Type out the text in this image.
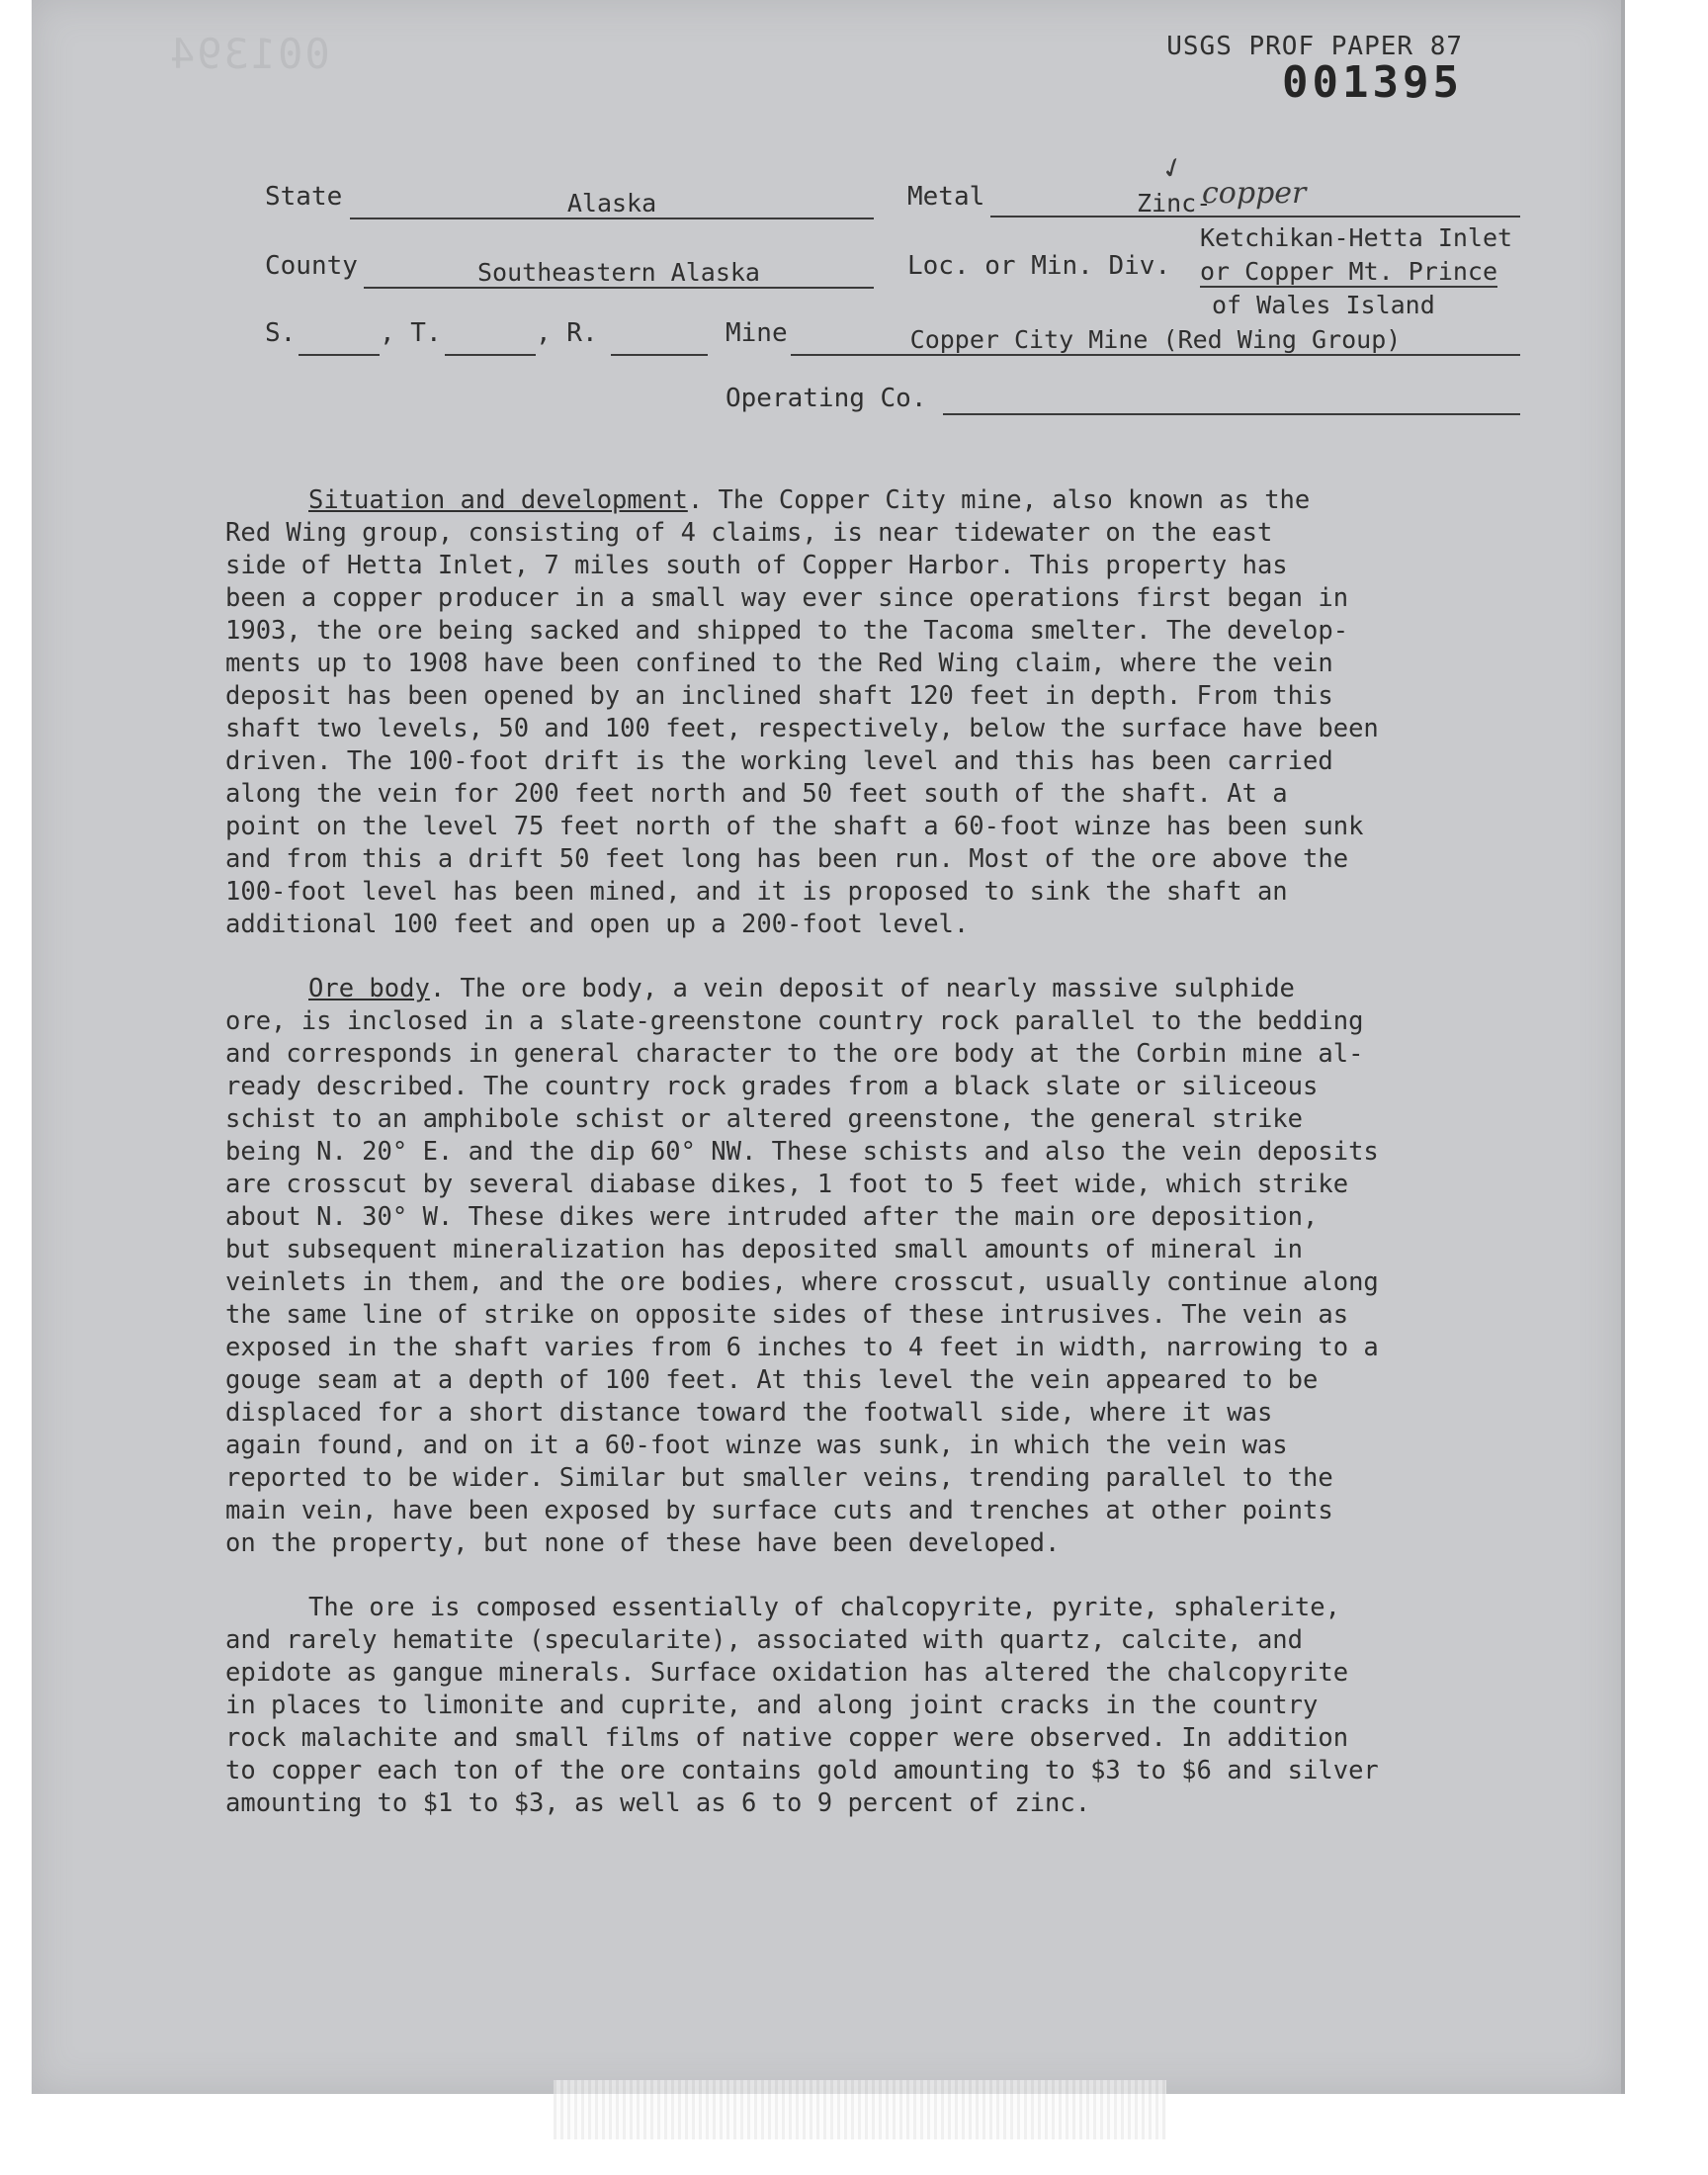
001394	USGS PROF PAPER 87
001395
State	Alaska	Metal	Zinc-
copper
✓
County	Southeastern Alaska	Loc. or Min. Div.
Ketchikan-Hetta Inlet
or Copper Mt. Prince
of Wales Island
S.	, T.	, R.	Mine	Copper City Mine (Red Wing Group)
Operating Co.

Situation and development. The Copper City mine, also known as the
Red Wing group, consisting of 4 claims, is near tidewater on the east
side of Hetta Inlet, 7 miles south of Copper Harbor. This property has
been a copper producer in a small way ever since operations first began in
1903, the ore being sacked and shipped to the Tacoma smelter. The develop-
ments up to 1908 have been confined to the Red Wing claim, where the vein
deposit has been opened by an inclined shaft 120 feet in depth. From this
shaft two levels, 50 and 100 feet, respectively, below the surface have been
driven. The 100-foot drift is the working level and this has been carried
along the vein for 200 feet north and 50 feet south of the shaft. At a
point on the level 75 feet north of the shaft a 60-foot winze has been sunk
and from this a drift 50 feet long has been run. Most of the ore above the
100-foot level has been mined, and it is proposed to sink the shaft an
additional 100 feet and open up a 200-foot level.

Ore body. The ore body, a vein deposit of nearly massive sulphide
ore, is inclosed in a slate-greenstone country rock parallel to the bedding
and corresponds in general character to the ore body at the Corbin mine al-
ready described. The country rock grades from a black slate or siliceous
schist to an amphibole schist or altered greenstone, the general strike
being N. 20° E. and the dip 60° NW. These schists and also the vein deposits
are crosscut by several diabase dikes, 1 foot to 5 feet wide, which strike
about N. 30° W. These dikes were intruded after the main ore deposition,
but subsequent mineralization has deposited small amounts of mineral in
veinlets in them, and the ore bodies, where crosscut, usually continue along
the same line of strike on opposite sides of these intrusives. The vein as
exposed in the shaft varies from 6 inches to 4 feet in width, narrowing to a
gouge seam at a depth of 100 feet. At this level the vein appeared to be
displaced for a short distance toward the footwall side, where it was
again found, and on it a 60-foot winze was sunk, in which the vein was
reported to be wider. Similar but smaller veins, trending parallel to the
main vein, have been exposed by surface cuts and trenches at other points
on the property, but none of these have been developed.

The ore is composed essentially of chalcopyrite, pyrite, sphalerite,
and rarely hematite (specularite), associated with quartz, calcite, and
epidote as gangue minerals. Surface oxidation has altered the chalcopyrite
in places to limonite and cuprite, and along joint cracks in the country
rock malachite and small films of native copper were observed. In addition
to copper each ton of the ore contains gold amounting to $3 to $6 and silver
amounting to $1 to $3, as well as 6 to 9 percent of zinc.
